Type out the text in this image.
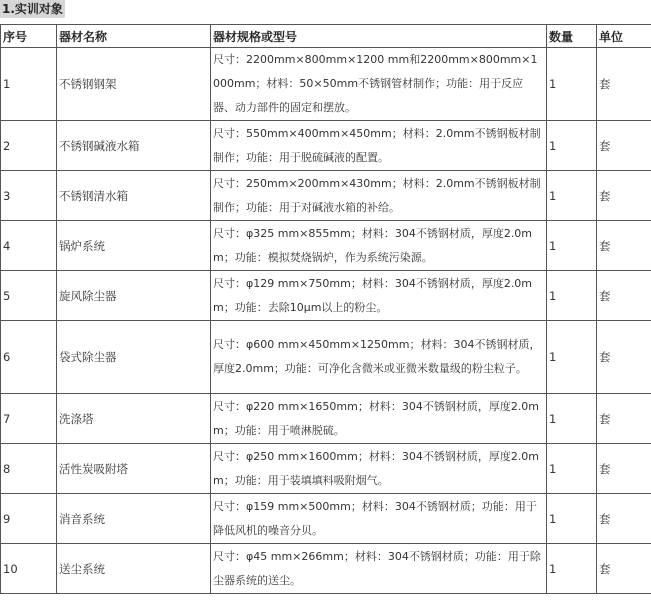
1.实训对象
序号	器材名称	器材规格或型号	数量	单位
1	不锈钢钢架	尺寸：2200mm×800mm×1200 mm和2200mm×800mm×1000mm；材料：50×50mm不锈钢管材制作；功能：用于反应器、动力部件的固定和摆放。	1	套
2	不锈钢碱液水箱	尺寸：550mm×400mm×450mm；材料：2.0mm不锈钢板材制制作；功能：用于脱硫碱液的配置。	1	套
3	不锈钢清水箱	尺寸：250mm×200mm×430mm；材料：2.0mm不锈钢板材制制作；功能：用于对碱液水箱的补给。	1	套
4	锅炉系统	尺寸：φ325 mm×855mm；材料：304不锈钢材质，厚度2.0mm；功能：模拟焚烧锅炉，作为系统污染源。	1	套
5	旋风除尘器	尺寸：φ129 mm×750mm；材料：304不锈钢材质，厚度2.0mm；功能：去除10μm以上的粉尘。	1	套
6	袋式除尘器	尺寸：φ600 mm×450mm×1250mm；材料：304不锈钢材质，厚度2.0mm；功能：可净化含微米或亚微米数量级的粉尘粒子。	1	套
7	洗涤塔	尺寸：φ220 mm×1650mm；材料：304不锈钢材质，厚度2.0mm；功能：用于喷淋脱硫。	1	套
8	活性炭吸附塔	尺寸：φ250 mm×1600mm；材料：304不锈钢材质，厚度2.0mm；功能：用于装填填料吸附烟气。	1	套
9	消音系统	尺寸：φ159 mm×500mm；材料：304不锈钢材质；功能：用于降低风机的噪音分贝。	1	套
10	送尘系统	尺寸：φ45 mm×266mm；材料：304不锈钢材质；功能：用于除尘器系统的送尘。	1	套
